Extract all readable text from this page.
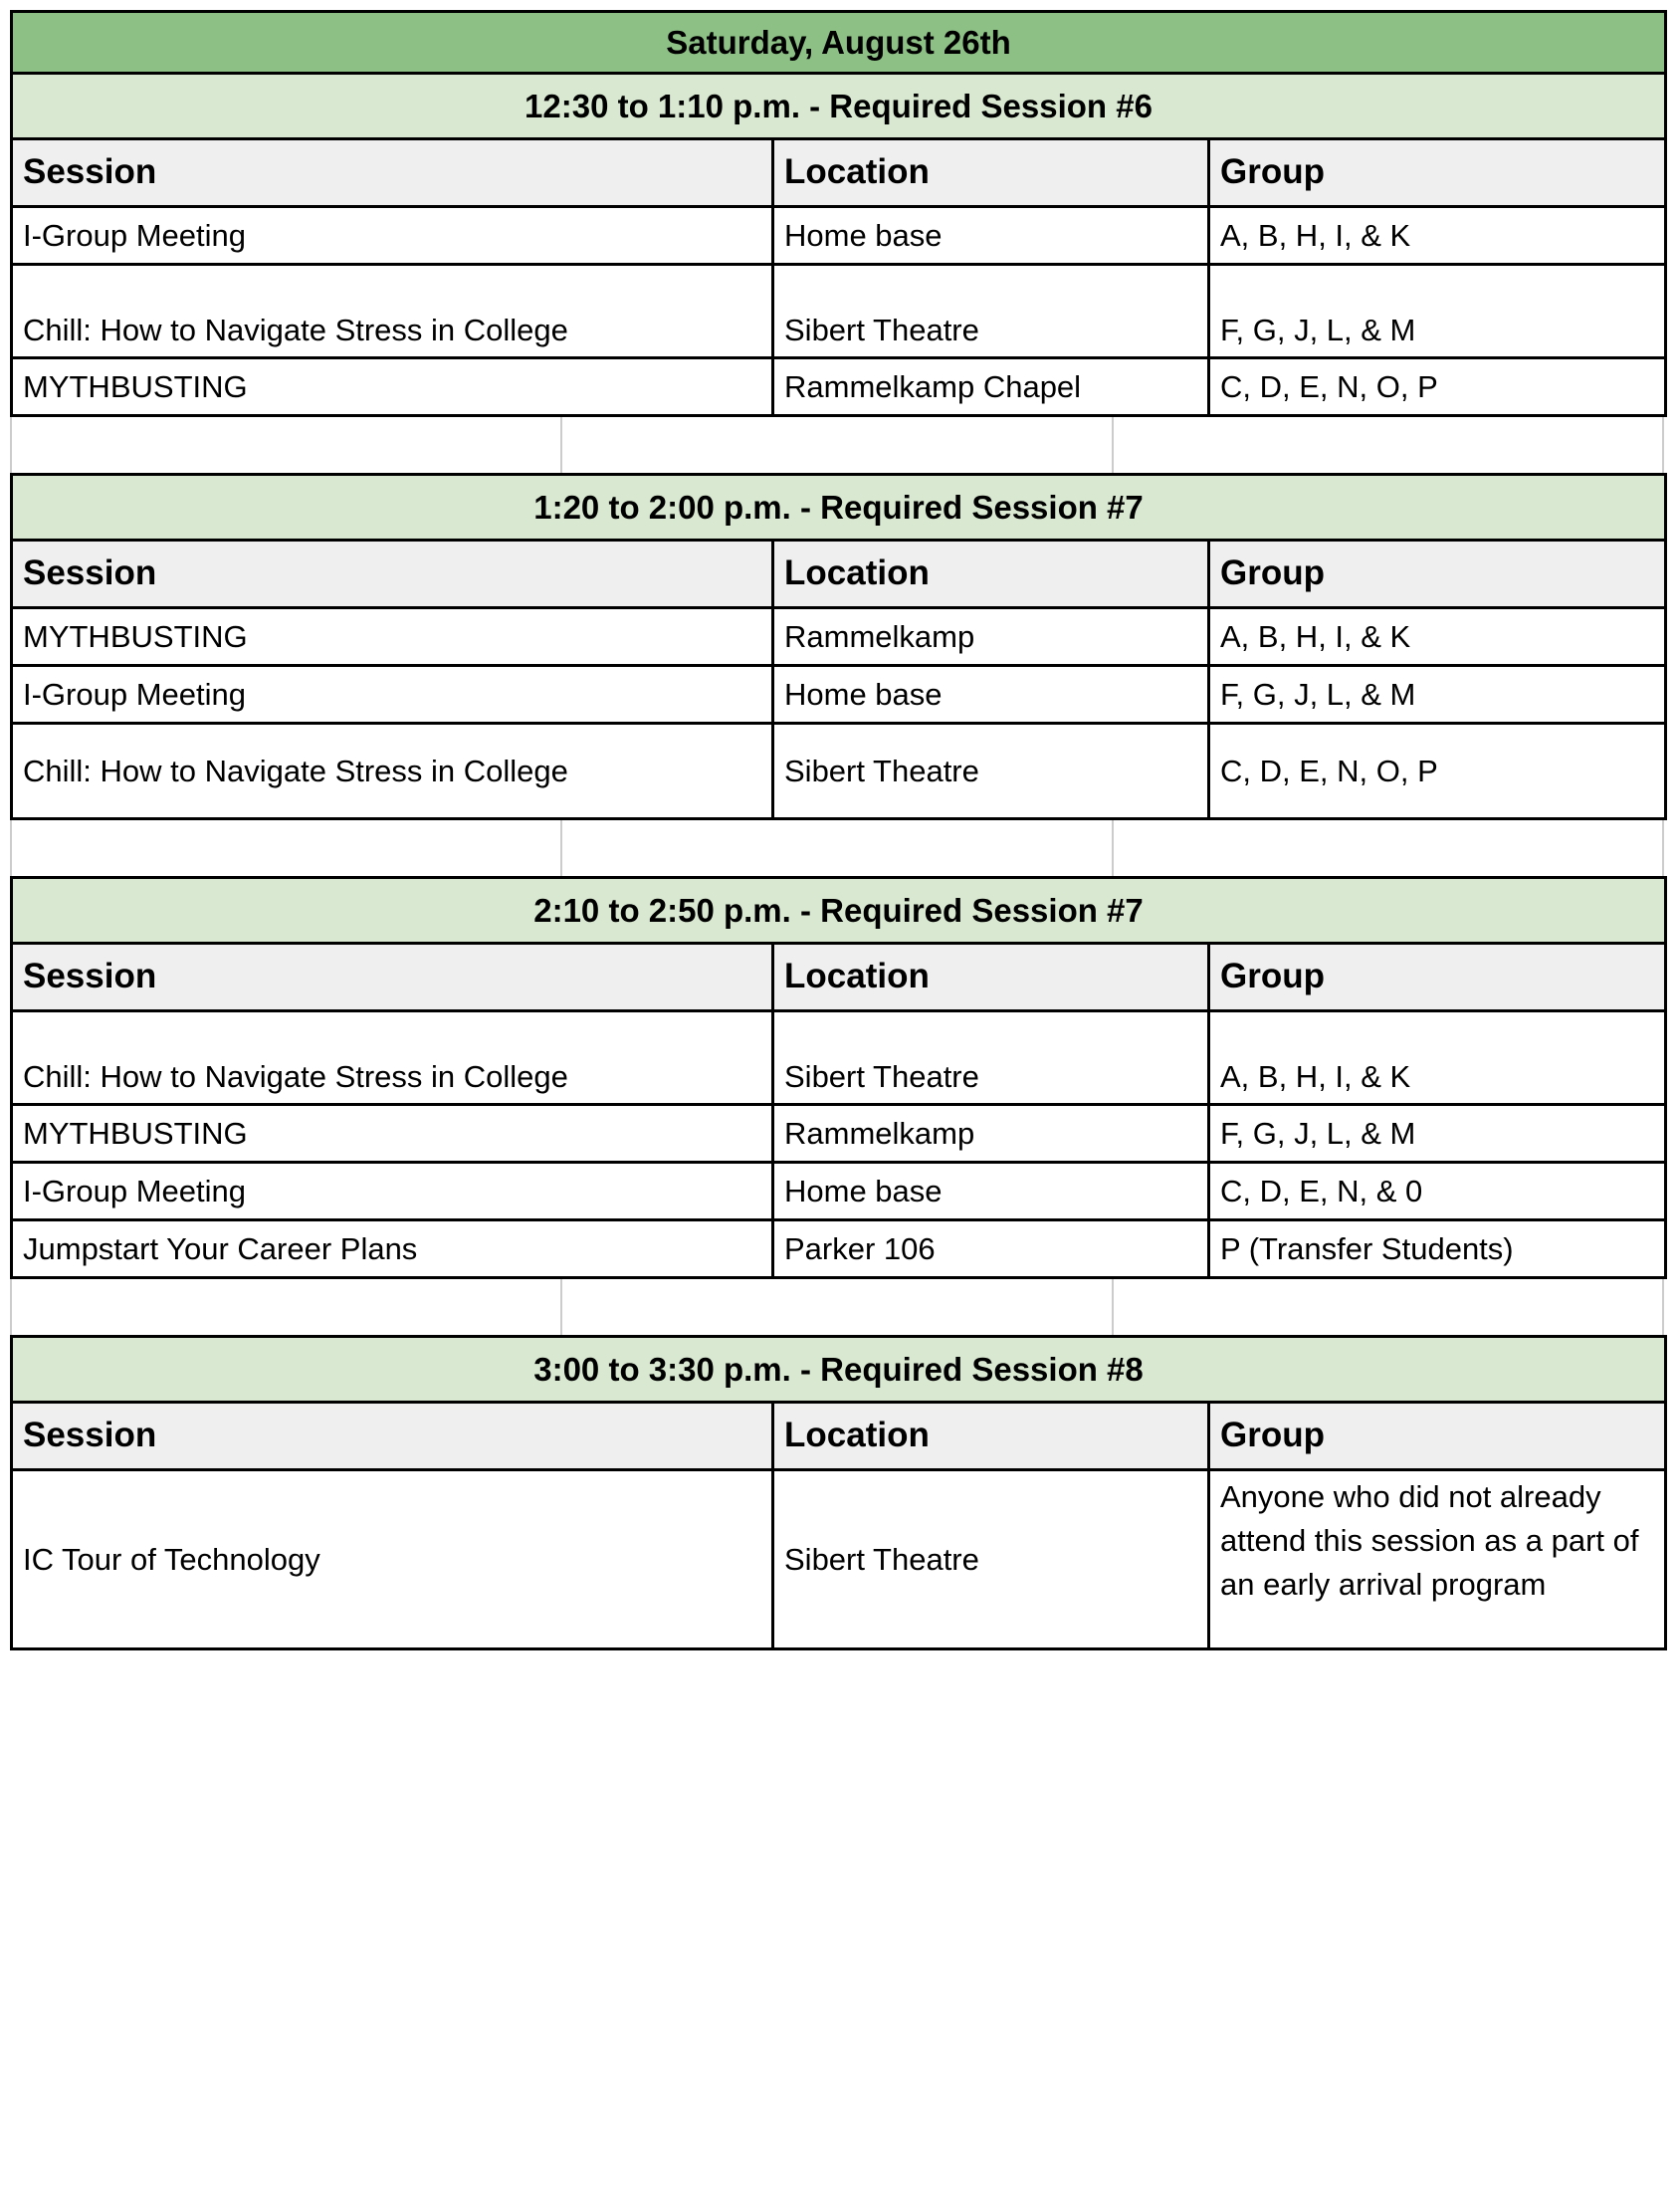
Saturday, August 26th		
12:30 to 1:10 p.m. - Required Session #6		
Session	Location	Group
I-Group Meeting	Home base	A, B, H, I, & K
Chill: How to Navigate Stress in College	Sibert Theatre	F, G, J, L, & M
MYTHBUSTING	Rammelkamp Chapel	C, D, E, N, O, P

1:20 to 2:00 p.m. - Required Session #7		
Session	Location	Group
MYTHBUSTING	Rammelkamp	A, B, H, I, & K
I-Group Meeting	Home base	F, G, J, L, & M
Chill: How to Navigate Stress in College	Sibert Theatre	C, D, E, N, O, P

2:10 to 2:50 p.m. - Required Session #7		
Session	Location	Group
Chill: How to Navigate Stress in College	Sibert Theatre	A, B, H, I, & K
MYTHBUSTING	Rammelkamp	F, G, J, L, & M
I-Group Meeting	Home base	C, D, E, N, & 0
Jumpstart Your Career Plans	Parker 106	P (Transfer Students)

3:00 to 3:30 p.m. - Required Session #8		
Session	Location	Group
IC Tour of Technology	Sibert Theatre	Anyone who did not already attend this session as a part of an early arrival program
